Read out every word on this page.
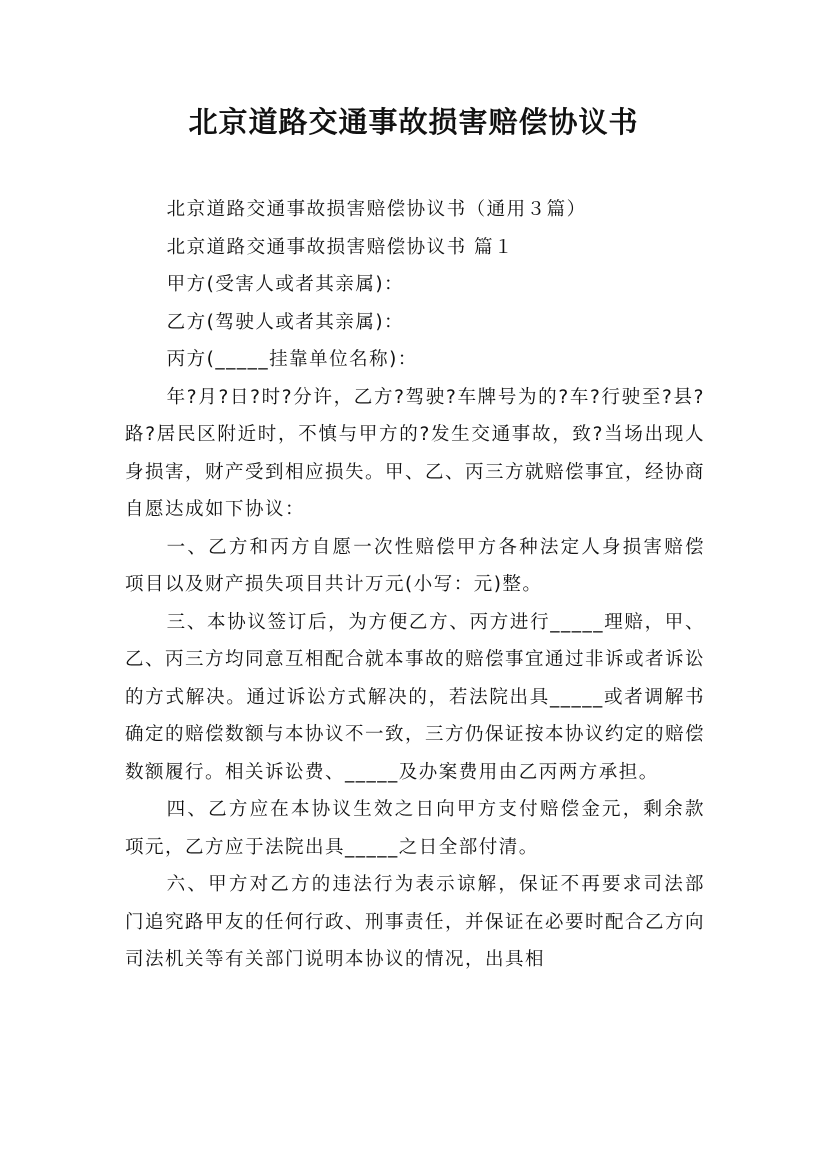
北京道路交通事故损害赔偿协议书

北京道路交通事故损害赔偿协议书（通用３篇）

北京道路交通事故损害赔偿协议书 篇１

甲方(受害人或者其亲属)：

乙方(驾驶人或者其亲属)：

丙方(_____挂靠单位名称)：

年?月?日?时?分许，乙方?驾驶?车牌号为的?车?行驶至?县?路?居民区附近时，不慎与甲方的?发生交通事故，致?当场出现人身损害，财产受到相应损失。甲、乙、丙三方就赔偿事宜，经协商自愿达成如下协议：

一、乙方和丙方自愿一次性赔偿甲方各种法定人身损害赔偿项目以及财产损失项目共计万元(小写：元)整。

三、本协议签订后，为方便乙方、丙方进行_____理赔，甲、乙、丙三方均同意互相配合就本事故的赔偿事宜通过非诉或者诉讼的方式解决。通过诉讼方式解决的，若法院出具_____或者调解书确定的赔偿数额与本协议不一致，三方仍保证按本协议约定的赔偿数额履行。相关诉讼费、_____及办案费用由乙丙两方承担。

四、乙方应在本协议生效之日向甲方支付赔偿金元，剩余款项元，乙方应于法院出具_____之日全部付清。

六、甲方对乙方的违法行为表示谅解，保证不再要求司法部门追究路甲友的任何行政、刑事责任，并保证在必要时配合乙方向司法机关等有关部门说明本协议的情况，出具相
